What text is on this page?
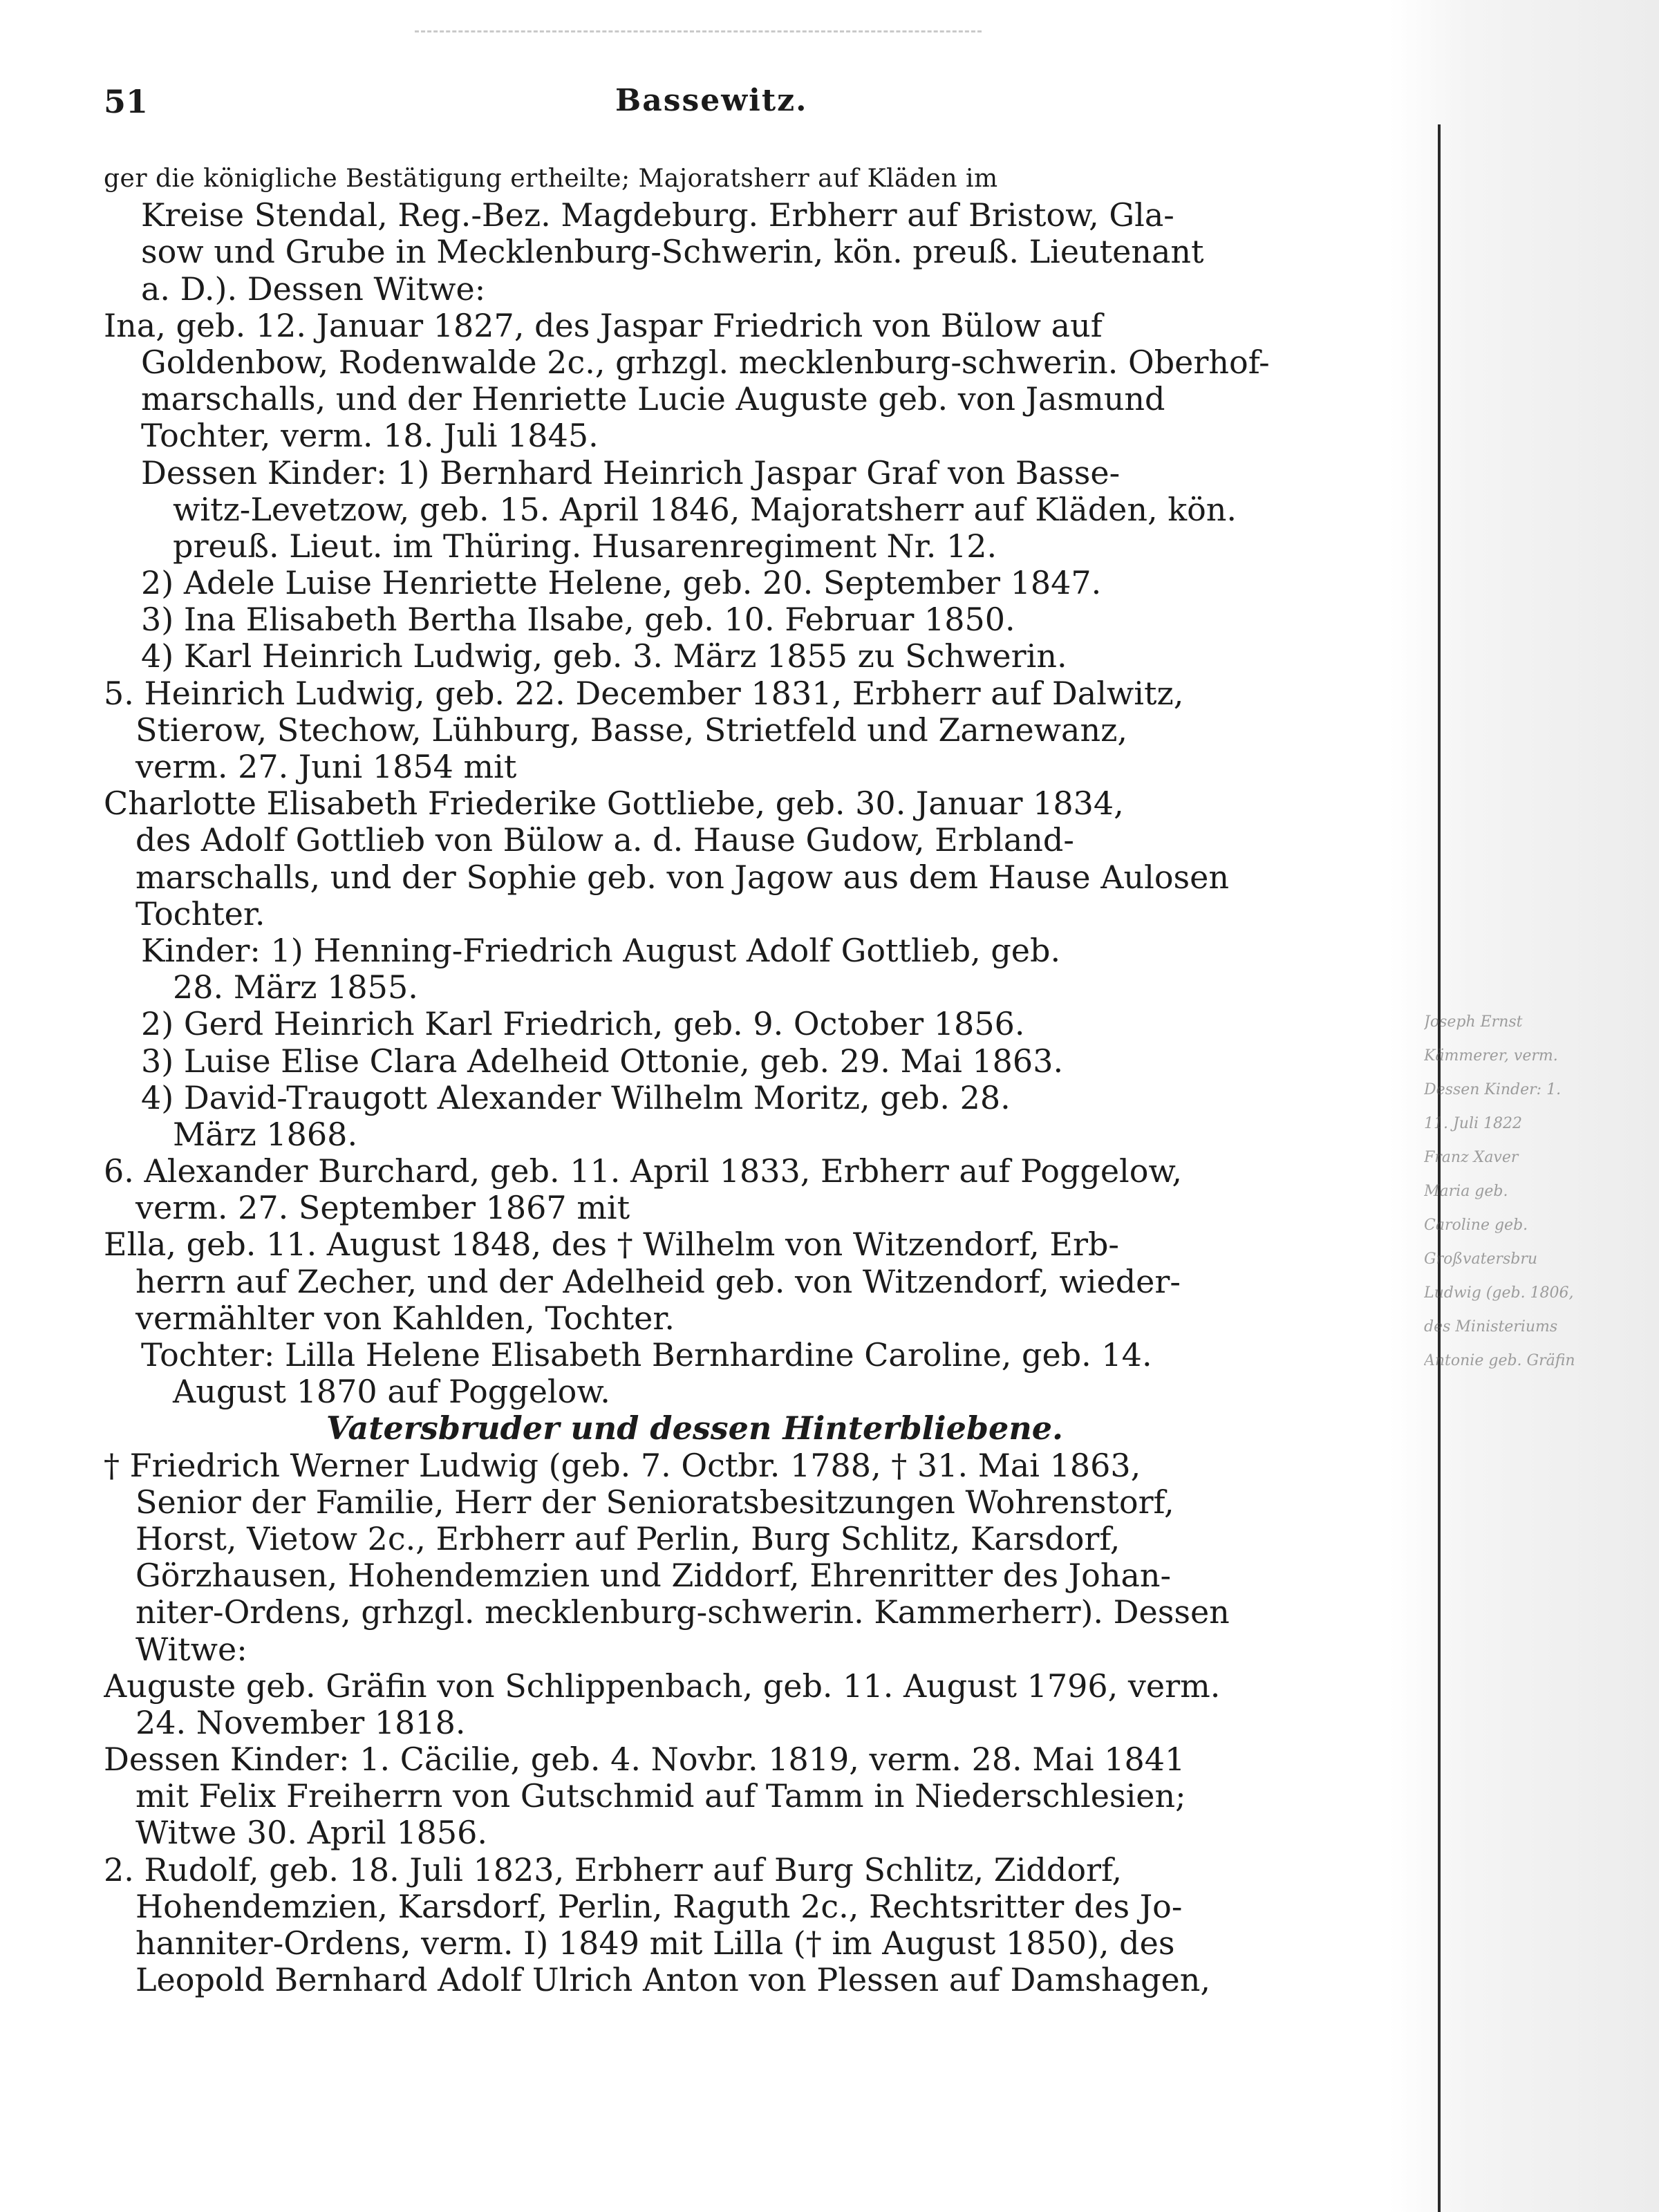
51	Bassewitz.
ger die königliche Bestätigung ertheilte; Majoratsherr auf Kläden im
Kreise Stendal, Reg.-Bez. Magdeburg. Erbherr auf Bristow, Gla-
sow und Grube in Mecklenburg-Schwerin, kön. preuß. Lieutenant
a. D.). Dessen Witwe:
Ina, geb. 12. Januar 1827, des Jaspar Friedrich von Bülow auf
Goldenbow, Rodenwalde 2c., grhzgl. mecklenburg-schwerin. Oberhof-
marschalls, und der Henriette Lucie Auguste geb. von Jasmund
Tochter, verm. 18. Juli 1845.
Dessen Kinder: 1) Bernhard Heinrich Jaspar Graf von Basse-
witz-Levetzow, geb. 15. April 1846, Majoratsherr auf Kläden, kön.
preuß. Lieut. im Thüring. Husarenregiment Nr. 12.
2) Adele Luise Henriette Helene, geb. 20. September 1847.
3) Ina Elisabeth Bertha Ilsabe, geb. 10. Februar 1850.
4) Karl Heinrich Ludwig, geb. 3. März 1855 zu Schwerin.
5. Heinrich Ludwig, geb. 22. December 1831, Erbherr auf Dalwitz,
Stierow, Stechow, Lühburg, Basse, Strietfeld und Zarnewanz,
verm. 27. Juni 1854 mit
Charlotte Elisabeth Friederike Gottliebe, geb. 30. Januar 1834,
des Adolf Gottlieb von Bülow a. d. Hause Gudow, Erbland-
marschalls, und der Sophie geb. von Jagow aus dem Hause Aulosen
Tochter.
Kinder: 1) Henning-Friedrich August Adolf Gottlieb, geb.
28. März 1855.
2) Gerd Heinrich Karl Friedrich, geb. 9. October 1856.
3) Luise Elise Clara Adelheid Ottonie, geb. 29. Mai 1863.
4) David-Traugott Alexander Wilhelm Moritz, geb. 28.
März 1868.
6. Alexander Burchard, geb. 11. April 1833, Erbherr auf Poggelow,
verm. 27. September 1867 mit
Ella, geb. 11. August 1848, des † Wilhelm von Witzendorf, Erb-
herrn auf Zecher, und der Adelheid geb. von Witzendorf, wieder-
vermählter von Kahlden, Tochter.
Tochter: Lilla Helene Elisabeth Bernhardine Caroline, geb. 14.
August 1870 auf Poggelow.
Vatersbruder und dessen Hinterbliebene.
† Friedrich Werner Ludwig (geb. 7. Octbr. 1788, † 31. Mai 1863,
Senior der Familie, Herr der Senioratsbesitzungen Wohrenstorf,
Horst, Vietow 2c., Erbherr auf Perlin, Burg Schlitz, Karsdorf,
Görzhausen, Hohendemzien und Ziddorf, Ehrenritter des Johan-
niter-Ordens, grhzgl. mecklenburg-schwerin. Kammerherr). Dessen
Witwe:
Auguste geb. Gräfin von Schlippenbach, geb. 11. August 1796, verm.
24. November 1818.
Dessen Kinder: 1. Cäcilie, geb. 4. Novbr. 1819, verm. 28. Mai 1841
mit Felix Freiherrn von Gutschmid auf Tamm in Niederschlesien;
Witwe 30. April 1856.
2. Rudolf, geb. 18. Juli 1823, Erbherr auf Burg Schlitz, Ziddorf,
Hohendemzien, Karsdorf, Perlin, Raguth 2c., Rechtsritter des Jo-
hanniter-Ordens, verm. I) 1849 mit Lilla († im August 1850), des
Leopold Bernhard Adolf Ulrich Anton von Plessen auf Damshagen,
Joseph Ernst
Kämmerer, verm.
Dessen Kinder: 1.
11. Juli 1822
Franz Xaver
Maria geb.
Caroline geb.
Großvatersbru
Ludwig (geb. 1806,
des Ministeriums
Antonie geb. Gräfin
